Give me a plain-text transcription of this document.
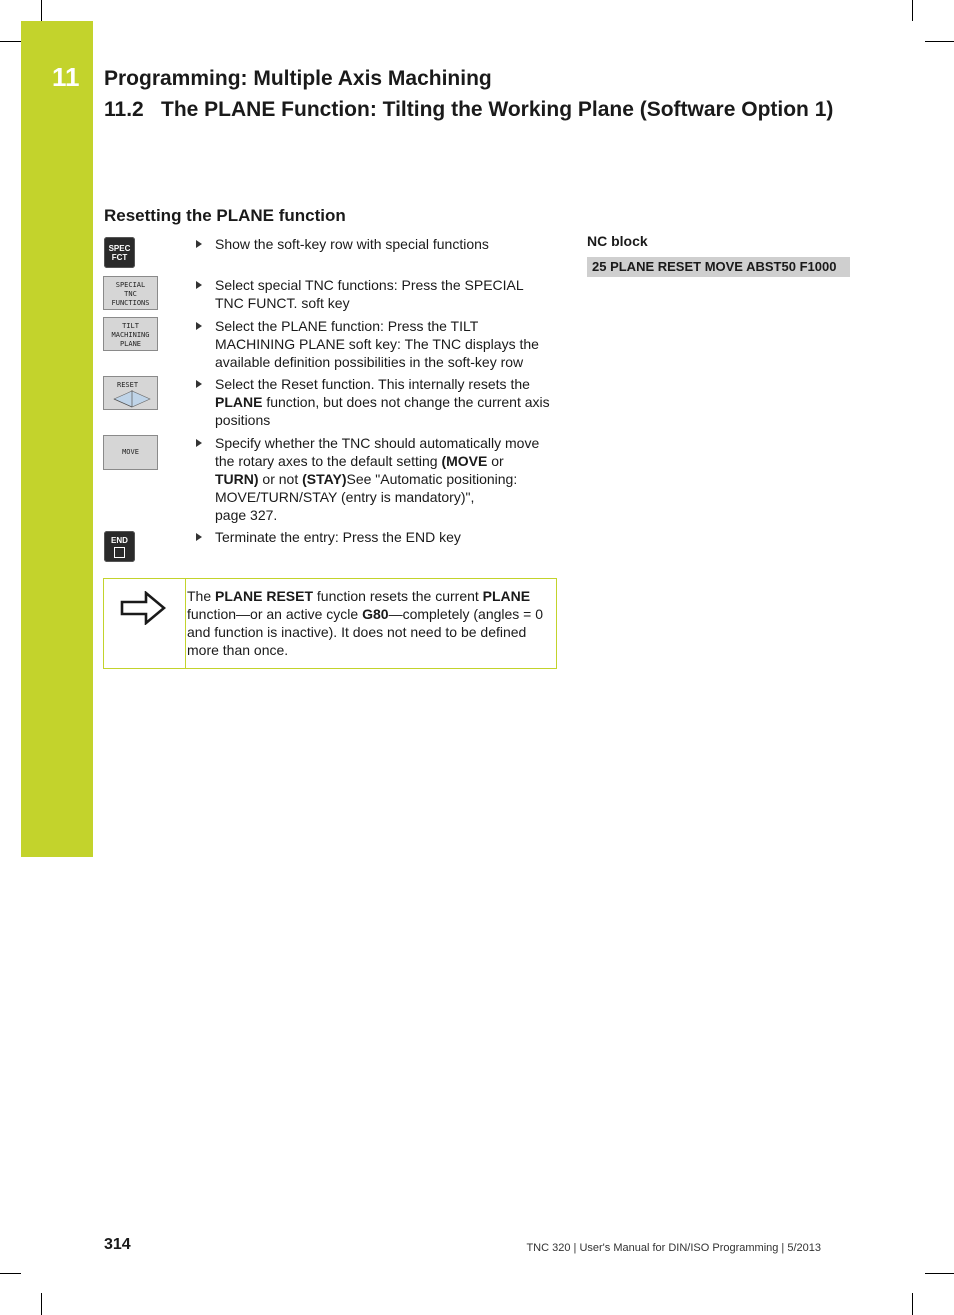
11 Programming: Multiple Axis Machining
11.2 The PLANE Function: Tilting the Working Plane (Software Option 1)
Resetting the PLANE function
SPEC
FCT
SPECIAL
TNC
FUNCTIONS
TILT
MACHINING
PLANE
RESET
MOVE
END
Show the soft-key row with special functions
Select special TNC functions: Press the SPECIAL TNC FUNCT. soft key
Select the PLANE function: Press the TILT MACHINING PLANE soft key: The TNC displays the available definition possibilities in the soft-key row
Select the Reset function. This internally resets the PLANE function, but does not change the current axis positions
Specify whether the TNC should automatically move the rotary axes to the default setting (MOVE or TURN) or not (STAY)See "Automatic positioning: MOVE/TURN/STAY (entry is mandatory)",
page 327.
Terminate the entry: Press the END key
The PLANE RESET function resets the current PLANE function—or an active cycle G80—completely (angles = 0 and function is inactive). It does not need to be defined more than once.
NC block
25 PLANE RESET MOVE ABST50 F1000
314	TNC 320 | User's Manual for DIN/ISO Programming | 5/2013
